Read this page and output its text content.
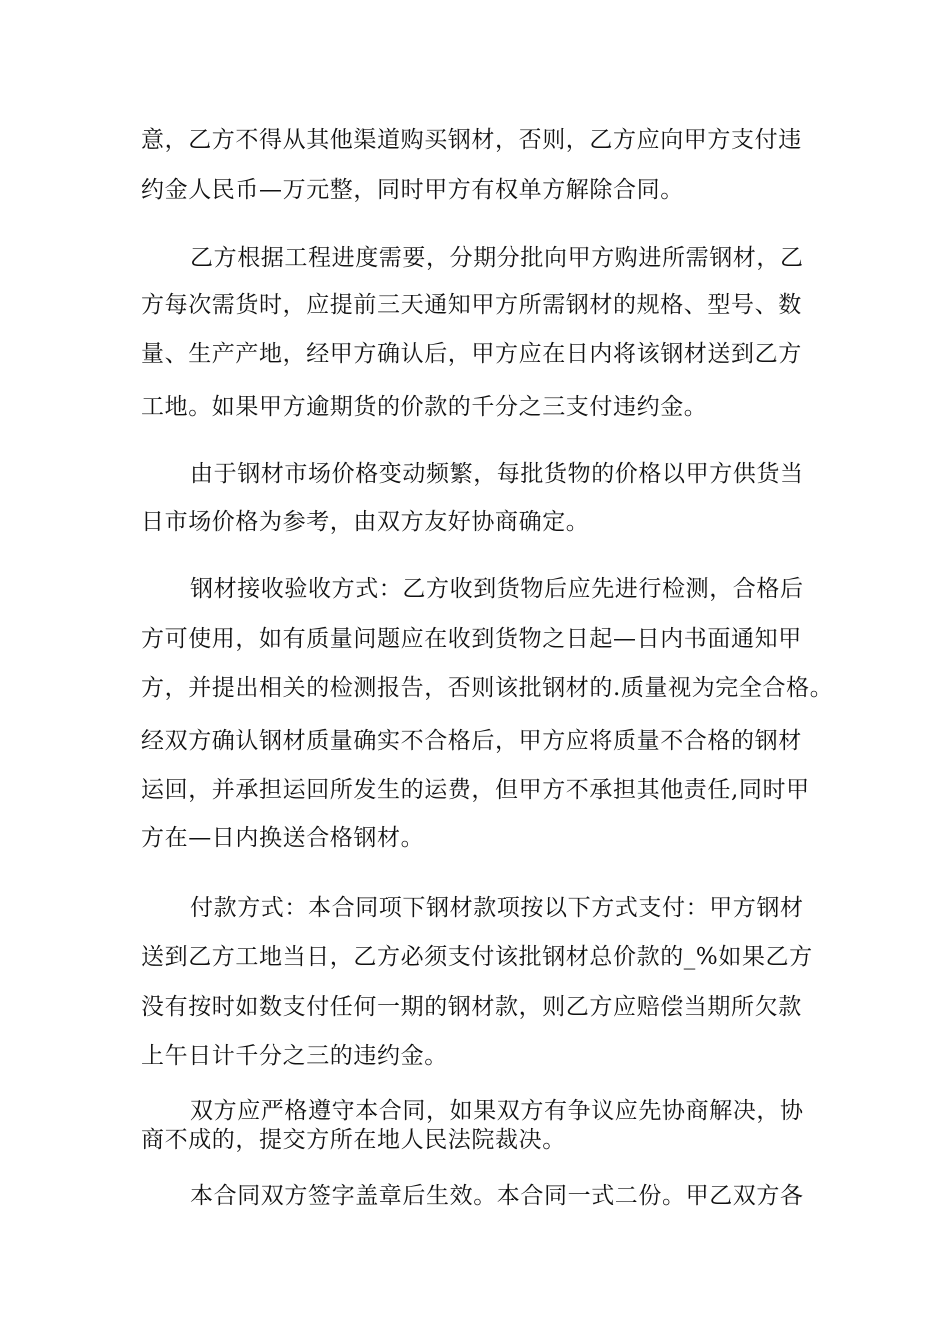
意，乙方不得从其他渠道购买钢材，否则，乙方应向甲方支付违
约金人民币—万元整，同时甲方有权单方解除合同。
乙方根据工程进度需要，分期分批向甲方购进所需钢材，乙
方每次需货时，应提前三天通知甲方所需钢材的规格、型号、数
量、生产产地，经甲方确认后，甲方应在日内将该钢材送到乙方
工地。如果甲方逾期货的价款的千分之三支付违约金。
由于钢材市场价格变动频繁，每批货物的价格以甲方供货当
日市场价格为参考，由双方友好协商确定。
钢材接收验收方式：乙方收到货物后应先进行检测，合格后
方可使用，如有质量问题应在收到货物之日起—日内书面通知甲
方，并提出相关的检测报告，否则该批钢材的.质量视为完全合格。
经双方确认钢材质量确实不合格后，甲方应将质量不合格的钢材
运回，并承担运回所发生的运费，但甲方不承担其他责任,同时甲
方在—日内换送合格钢材。
付款方式：本合同项下钢材款项按以下方式支付：甲方钢材
送到乙方工地当日，乙方必须支付该批钢材总价款的_%如果乙方
没有按时如数支付任何一期的钢材款，则乙方应赔偿当期所欠款
上午日计千分之三的违约金。
双方应严格遵守本合同，如果双方有争议应先协商解决，协
商不成的，提交方所在地人民法院裁决。
本合同双方签字盖章后生效。本合同一式二份。甲乙双方各
